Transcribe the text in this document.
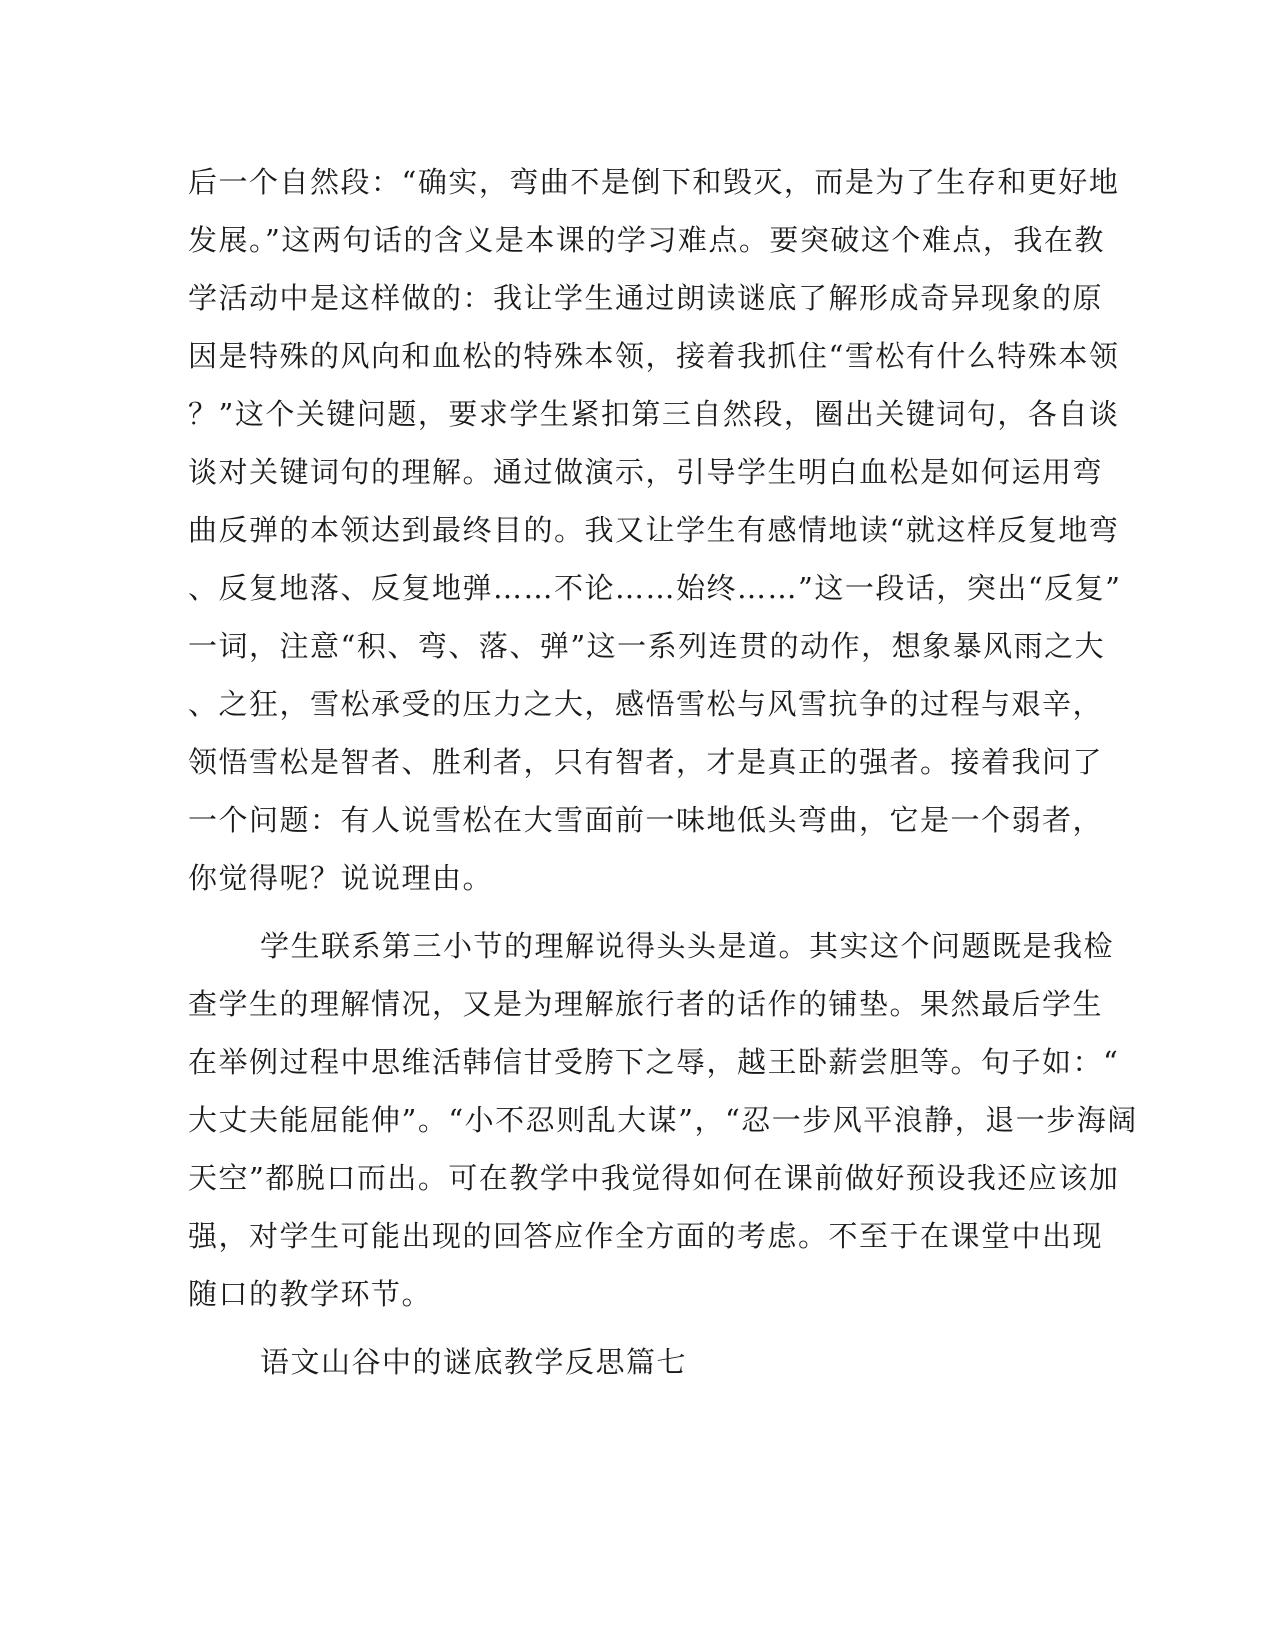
后一个自然段：“确实，弯曲不是倒下和毁灭，而是为了生存和更好地
发展。”这两句话的含义是本课的学习难点。要突破这个难点，我在教
学活动中是这样做的：我让学生通过朗读谜底了解形成奇异现象的原
因是特殊的风向和血松的特殊本领，接着我抓住“雪松有什么特殊本领
？”这个关键问题，要求学生紧扣第三自然段，圈出关键词句，各自谈
谈对关键词句的理解。通过做演示，引导学生明白血松是如何运用弯
曲反弹的本领达到最终目的。我又让学生有感情地读“就这样反复地弯
、反复地落、反复地弹……不论……始终……”这一段话，突出“反复”
一词，注意“积、弯、落、弹”这一系列连贯的动作，想象暴风雨之大
、之狂，雪松承受的压力之大，感悟雪松与风雪抗争的过程与艰辛，
领悟雪松是智者、胜利者，只有智者，才是真正的强者。接着我问了
一个问题：有人说雪松在大雪面前一味地低头弯曲，它是一个弱者，
你觉得呢？说说理由。
学生联系第三小节的理解说得头头是道。其实这个问题既是我检
查学生的理解情况，又是为理解旅行者的话作的铺垫。果然最后学生
在举例过程中思维活韩信甘受胯下之辱，越王卧薪尝胆等。句子如：“
大丈夫能屈能伸”。“小不忍则乱大谋”，“忍一步风平浪静，退一步海阔
天空”都脱口而出。可在教学中我觉得如何在课前做好预设我还应该加
强，对学生可能出现的回答应作全方面的考虑。不至于在课堂中出现
随口的教学环节。
语文山谷中的谜底教学反思篇七
